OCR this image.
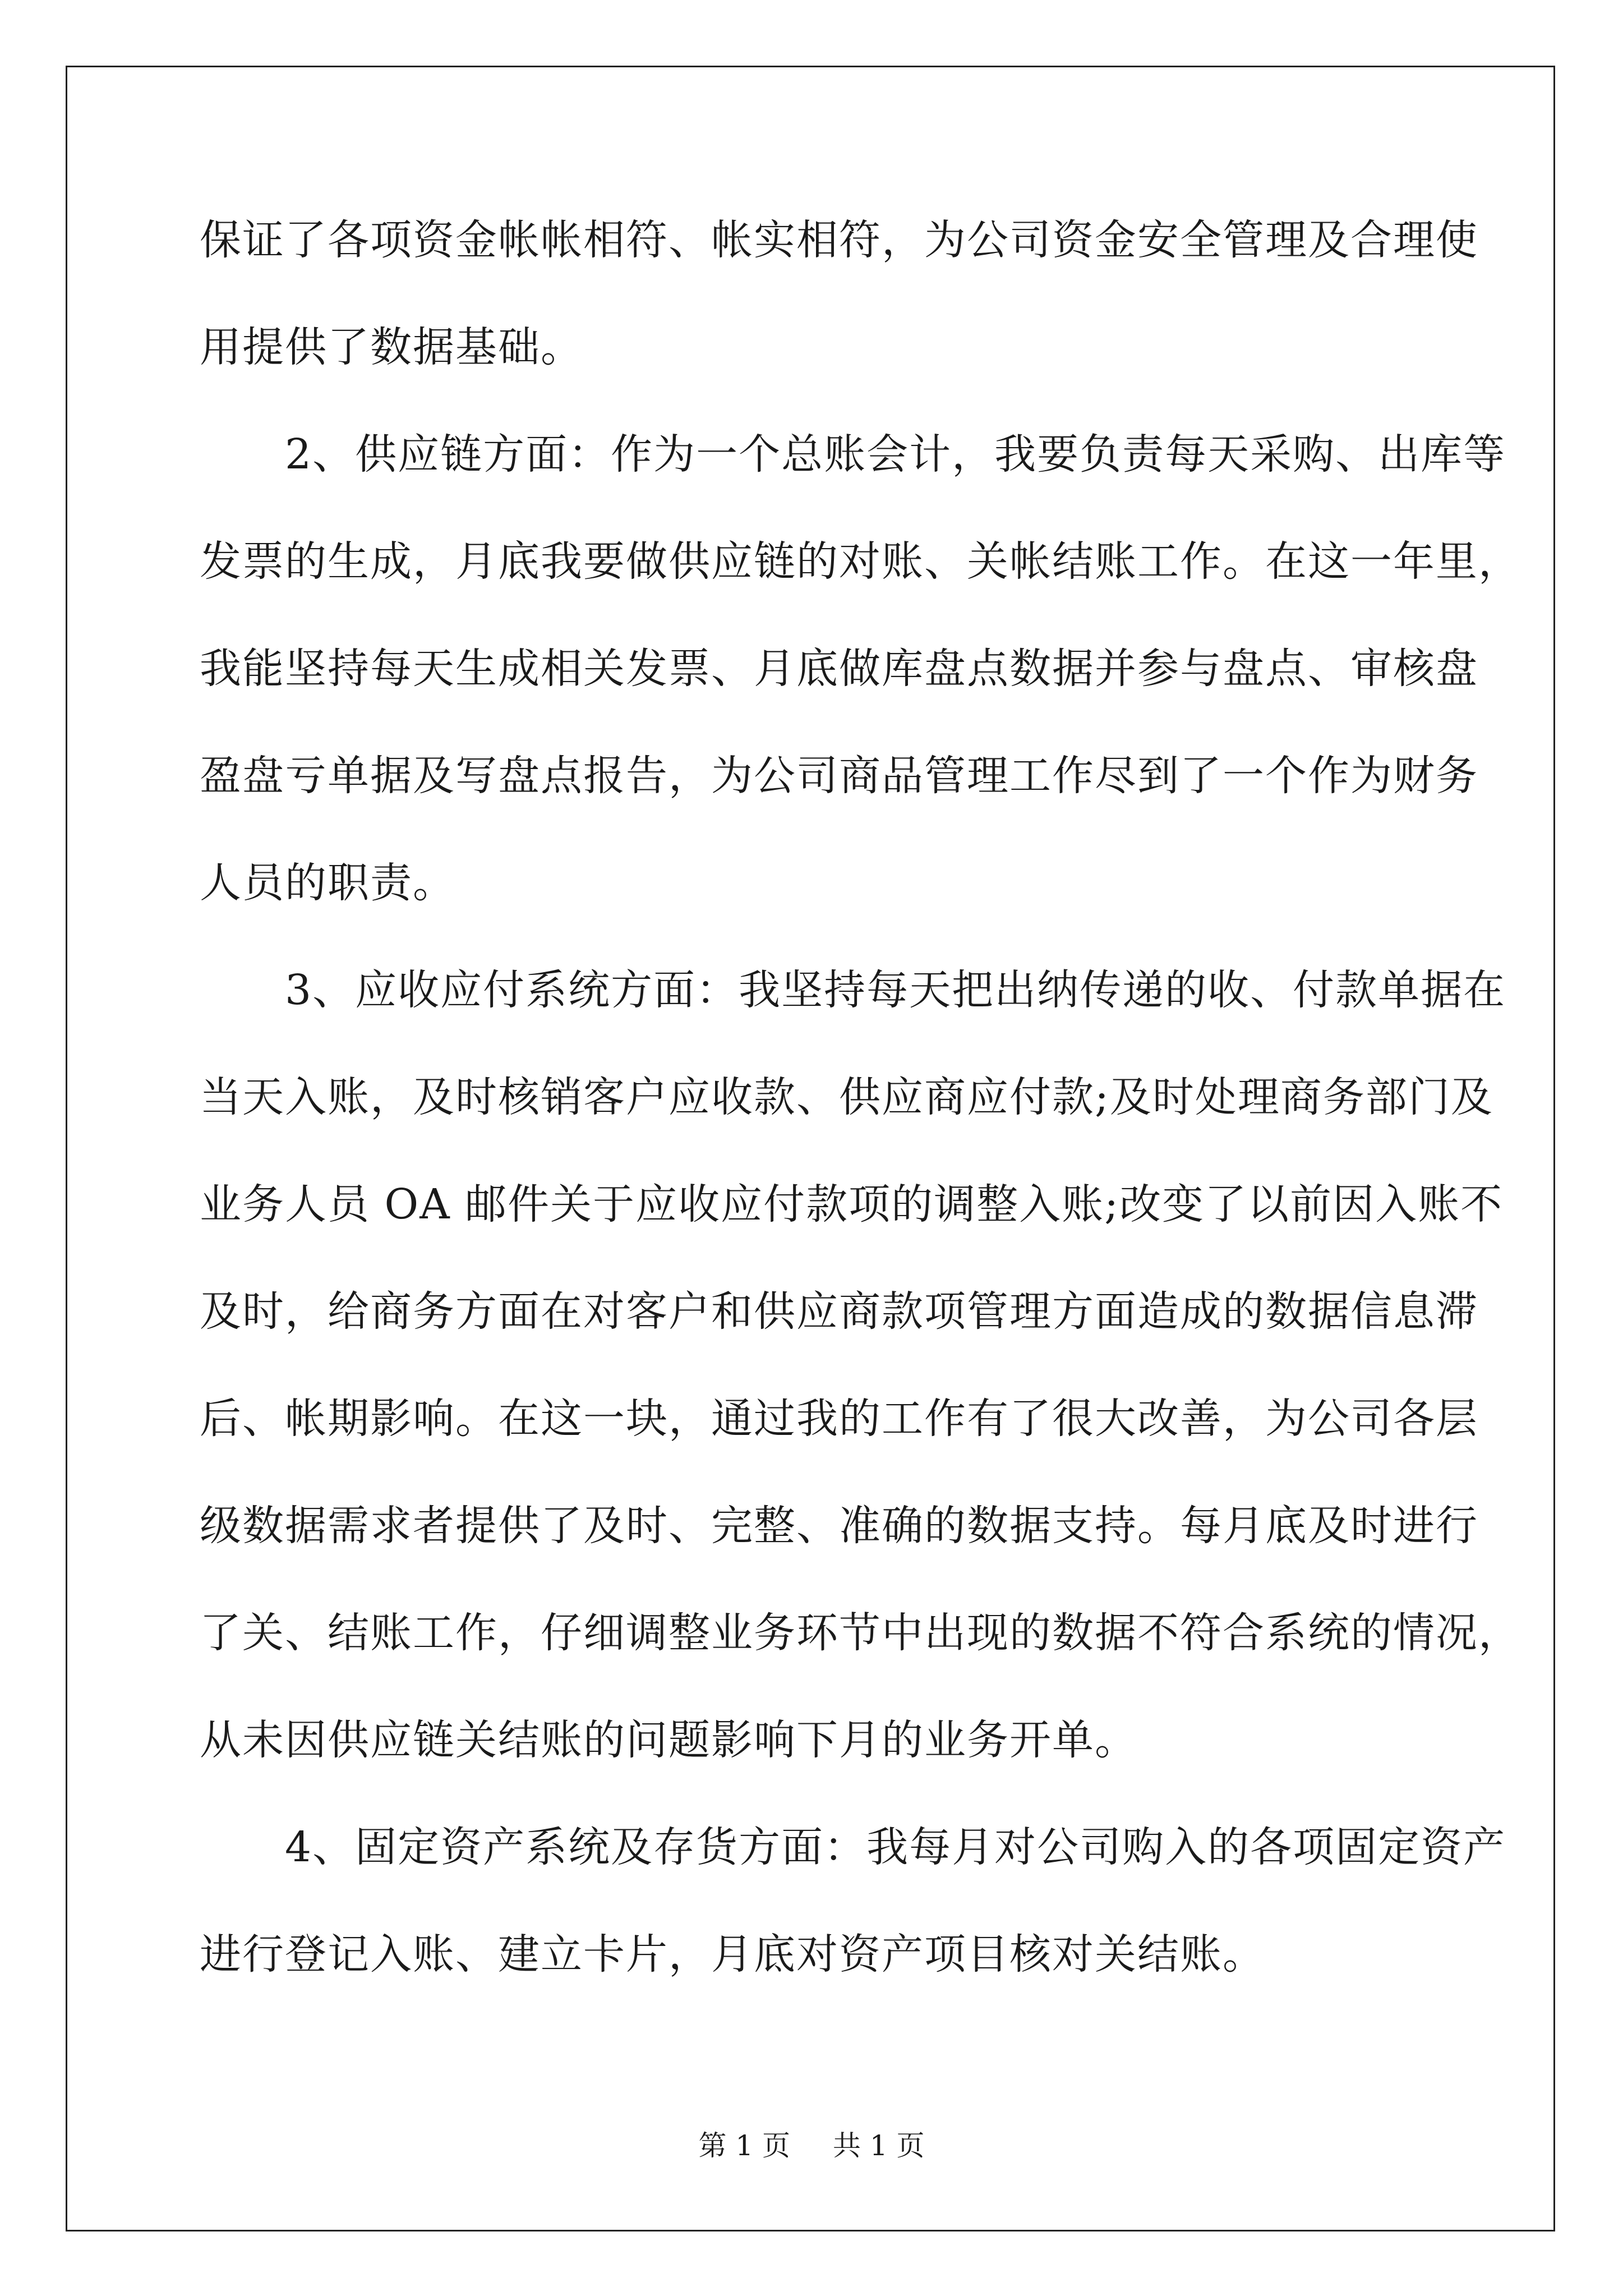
保证了各项资金帐帐相符、帐实相符，为公司资金安全管理及合理使
用提供了数据基础。
　　2、供应链方面：作为一个总账会计，我要负责每天采购、出库等
发票的生成，月底我要做供应链的对账、关帐结账工作。在这一年里，
我能坚持每天生成相关发票、月底做库盘点数据并参与盘点、审核盘
盈盘亏单据及写盘点报告，为公司商品管理工作尽到了一个作为财务
人员的职责。
　　3、应收应付系统方面：我坚持每天把出纳传递的收、付款单据在
当天入账，及时核销客户应收款、供应商应付款;及时处理商务部门及
业务人员 OA 邮件关于应收应付款项的调整入账;改变了以前因入账不
及时，给商务方面在对客户和供应商款项管理方面造成的数据信息滞
后、帐期影响。在这一块，通过我的工作有了很大改善，为公司各层
级数据需求者提供了及时、完整、准确的数据支持。每月底及时进行
了关、结账工作，仔细调整业务环节中出现的数据不符合系统的情况，
从未因供应链关结账的问题影响下月的业务开单。
　　4、固定资产系统及存货方面：我每月对公司购入的各项固定资产
进行登记入账、建立卡片，月底对资产项目核对关结账。
第 1 页 共 1 页
